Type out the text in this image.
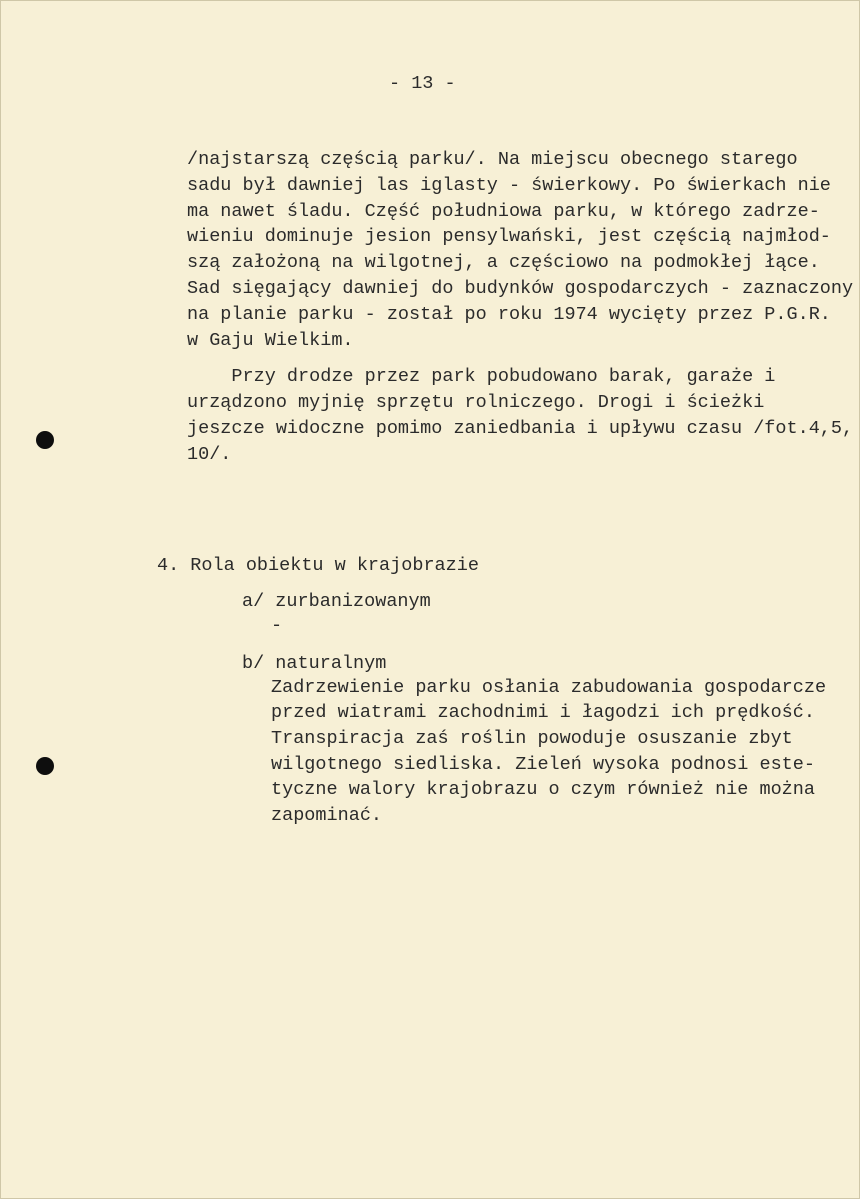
- 13 -
/najstarszą częścią parku/. Na miejscu obecnego starego
sadu był dawniej las iglasty - świerkowy. Po świerkach nie
ma nawet śladu. Część południowa parku, w którego zadrze-
wieniu dominuje jesion pensylwański, jest częścią najmłod-
szą założoną na wilgotnej, a częściowo na podmokłej łące.
Sad sięgający dawniej do budynków gospodarczych - zaznaczony
na planie parku - został po roku 1974 wycięty przez P.G.R.
w Gaju Wielkim.
Przy drodze przez park pobudowano barak, garaże i
urządzono myjnię sprzętu rolniczego. Drogi i ścieżki
jeszcze widoczne pomimo zaniedbania i upływu czasu /fot.4,5,
10/.
4. Rola obiektu w krajobrazie
a/ zurbanizowanym
-
b/ naturalnym
Zadrzewienie parku osłania zabudowania gospodarcze
przed wiatrami zachodnimi i łagodzi ich prędkość.
Transpiracja zaś roślin powoduje osuszanie zbyt
wilgotnego siedliska. Zieleń wysoka podnosi este-
tyczne walory krajobrazu o czym również nie można
zapominać.
